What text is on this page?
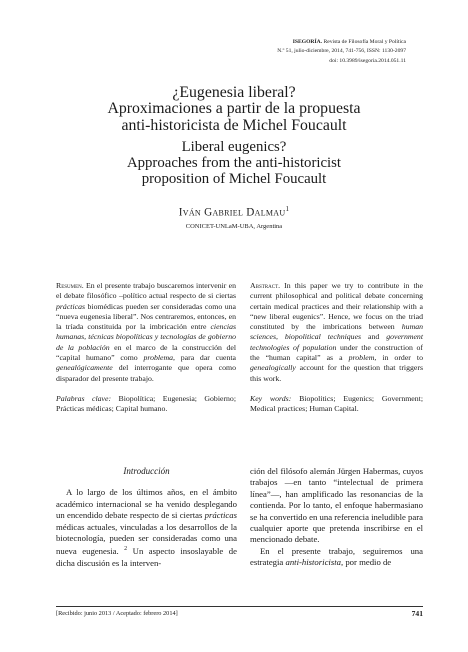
ISEGORÍA. Revista de Filosofía Moral y Política
N.º 51, julio-diciembre, 2014, 741-756, ISSN: 1130-2097
doi: 10.3989/isegoria.2014.051.11
¿Eugenesia liberal?
Aproximaciones a partir de la propuesta
anti-historicista de Michel Foucault
Liberal eugenics?
Approaches from the anti-historicist
proposition of Michel Foucault
Iván Gabriel Dalmau$^1$
CONICET-UNLaM-UBA, Argentina
Resumen. En el presente trabajo buscaremos intervenir en el debate filosófico –político actual respecto de si ciertas prácticas biomédicas pueden ser consideradas como una “nueva eugenesia liberal”. Nos centraremos, entonces, en la tríada constituida por la imbricación entre ciencias humanas, técnicas biopolíticas y tecnologías de gobierno de la población en el marco de la construcción del “capital humano” como problema, para dar cuenta genealógicamente del interrogante que opera como disparador del presente trabajo.
Palabras clave: Biopolítica; Eugenesia; Gobierno; Prácticas médicas; Capital humano.
Abstract. In this paper we try to contribute in the current philosophical and political debate concerning certain medical practices and their relationship with a “new liberal eugenics”. Hence, we focus on the triad constituted by the imbrications between human sciences, biopolitical techniques and government technologies of population under the construction of the “human capital” as a problem, in order to genealogically account for the question that triggers this work.
Key words: Biopolitics; Eugenics; Government; Medical practices; Human Capital.
Introducción

A lo largo de los últimos años, en el ámbito académico internacional se ha venido desplegando un encendido debate respecto de si ciertas prácticas médicas actuales, vinculadas a los desarrollos de la biotecnología, pueden ser consideradas como una nueva eugenesia. $^2$ Un aspecto insoslayable de dicha discusión es la interven-

ción del filósofo alemán Jürgen Habermas, cuyos trabajos —en tanto “intelectual de primera línea”—, han amplificado las resonancias de la contienda. Por lo tanto, el enfoque habermasiano se ha convertido en una referencia ineludible para cualquier aporte que pretenda inscribirse en el mencionado debate.

En el presente trabajo, seguiremos una estrategia anti-historicista, por medio de

[Recibido: junio 2013 / Aceptado: febrero 2014]	741
